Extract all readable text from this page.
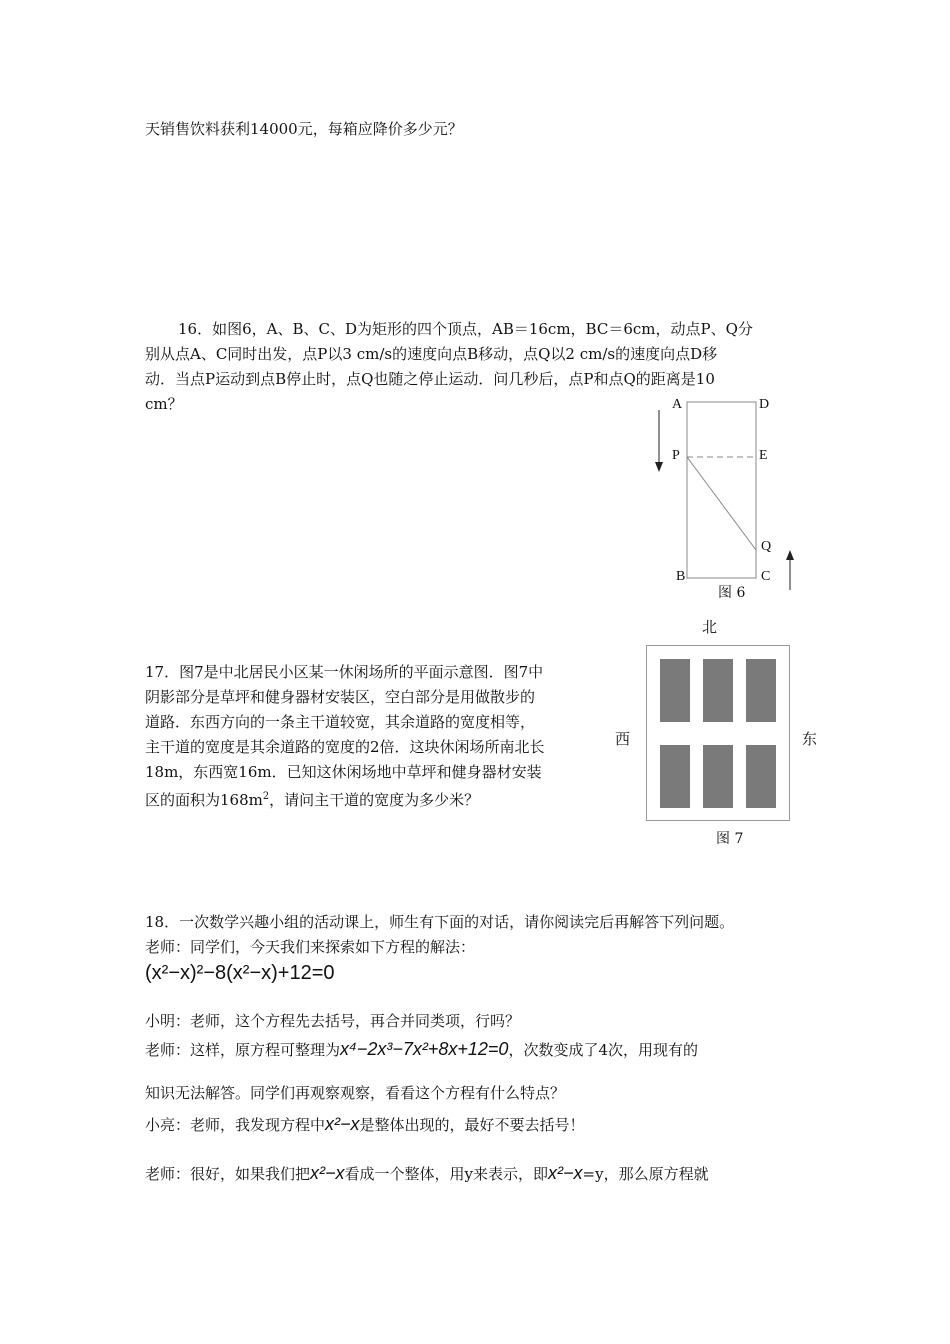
天销售饮料获利14000元，每箱应降价多少元？
16．如图6，A、B、C、D为矩形的四个顶点，AB＝16cm，BC＝6cm，动点P、Q分
别从点A、C同时出发，点P以3 cm/s的速度向点B移动，点Q以2 cm/s的速度向点D移
动．当点P运动到点B停止时，点Q也随之停止运动．问几秒后，点P和点Q的距离是10
cm？	A	D
P	E
Q
B	C
图 6
北
西	东
图 7
17．图7是中北居民小区某一休闲场所的平面示意图．图7中
阴影部分是草坪和健身器材安装区，空白部分是用做散步的
道路．东西方向的一条主干道较宽，其余道路的宽度相等，
主干道的宽度是其余道路的宽度的2倍．这块休闲场所南北长
18m，东西宽16m．已知这休闲场地中草坪和健身器材安装
区的面积为$168m^2$，请问主干道的宽度为多少米？
18．一次数学兴趣小组的活动课上，师生有下面的对话，请你阅读完后再解答下列问题。
老师：同学们，今天我们来探索如下方程的解法：
(x²−x)²−8(x²−x)+12=0
小明：老师，这个方程先去括号，再合并同类项，行吗？
老师：这样，原方程可整理为x⁴−2x³−7x²+8x+12=0，次数变成了4次，用现有的
知识无法解答。同学们再观察观察，看看这个方程有什么特点？
小亮：老师，我发现方程中x²−x是整体出现的，最好不要去括号！
老师：很好，如果我们把x²−x看成一个整体，用y来表示，即x²−x=y，那么原方程就
